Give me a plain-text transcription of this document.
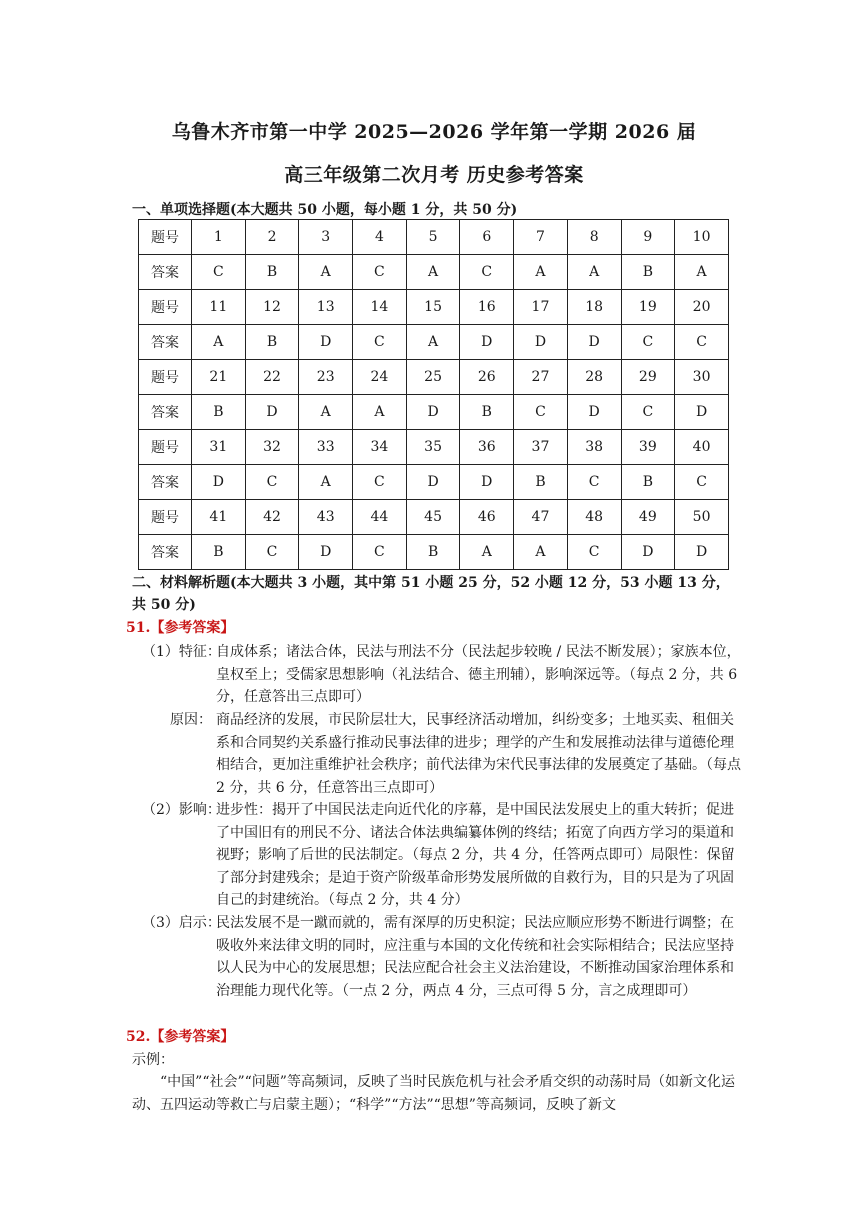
乌鲁木齐市第一中学 2025—2026 学年第一学期 2026 届
高三年级第二次月考 历史参考答案
一、单项选择题(本大题共 50 小题，每小题 1 分，共 50 分)
题号	1	2	3	4	5	6	7	8	9	10
答案	C	B	A	C	A	C	A	A	B	A
题号	11	12	13	14	15	16	17	18	19	20
答案	A	B	D	C	A	D	D	D	C	C
题号	21	22	23	24	25	26	27	28	29	30
答案	B	D	A	A	D	B	C	D	C	D
题号	31	32	33	34	35	36	37	38	39	40
答案	D	C	A	C	D	D	B	C	B	C
题号	41	42	43	44	45	46	47	48	49	50
答案	B	C	D	C	B	A	A	C	D	D
二、材料解析题(本大题共 3 小题，其中第 51 小题 25 分，52 小题 12 分，53 小题 13 分，共 50 分)
51.【参考答案】
（1）特征：
自成体系；诸法合体，民法与刑法不分（民法起步较晚 / 民法不断发展）；家族本位，皇权至上；受儒家思想影响（礼法结合、德主刑辅），影响深远等。（每点 2 分，共 6 分，任意答出三点即可）
原因： 商品经济的发展，市民阶层壮大，民事经济活动增加，纠纷变多；土地买卖、租佃关系和合同契约关系盛行推动民事法律的进步；理学的产生和发展推动法律与道德伦理相结合，更加注重维护社会秩序；前代法律为宋代民事法律的发展奠定了基础。（每点 2 分，共 6 分，任意答出三点即可）
（2）影响：
进步性：揭开了中国民法走向近代化的序幕，是中国民法发展史上的重大转折；促进了中国旧有的刑民不分、诸法合体法典编纂体例的终结；拓宽了向西方学习的渠道和视野；影响了后世的民法制定。（每点 2 分，共 4 分，任答两点即可）局限性：保留了部分封建残余；是迫于资产阶级革命形势发展所做的自救行为，目的只是为了巩固自己的封建统治。（每点 2 分，共 4 分）
（3）启示：
民法发展不是一蹴而就的，需有深厚的历史积淀；民法应顺应形势不断进行调整；在吸收外来法律文明的同时，应注重与本国的文化传统和社会实际相结合；民法应坚持以人民为中心的发展思想；民法应配合社会主义法治建设，不断推动国家治理体系和治理能力现代化等。（一点 2 分，两点 4 分，三点可得 5 分，言之成理即可）
52.【参考答案】
示例：
“中国”“社会”“问题”等高频词，反映了当时民族危机与社会矛盾交织的动荡时局（如新文化运动、五四运动等救亡与启蒙主题）；“科学”“方法”“思想”等高频词，反映了新文
